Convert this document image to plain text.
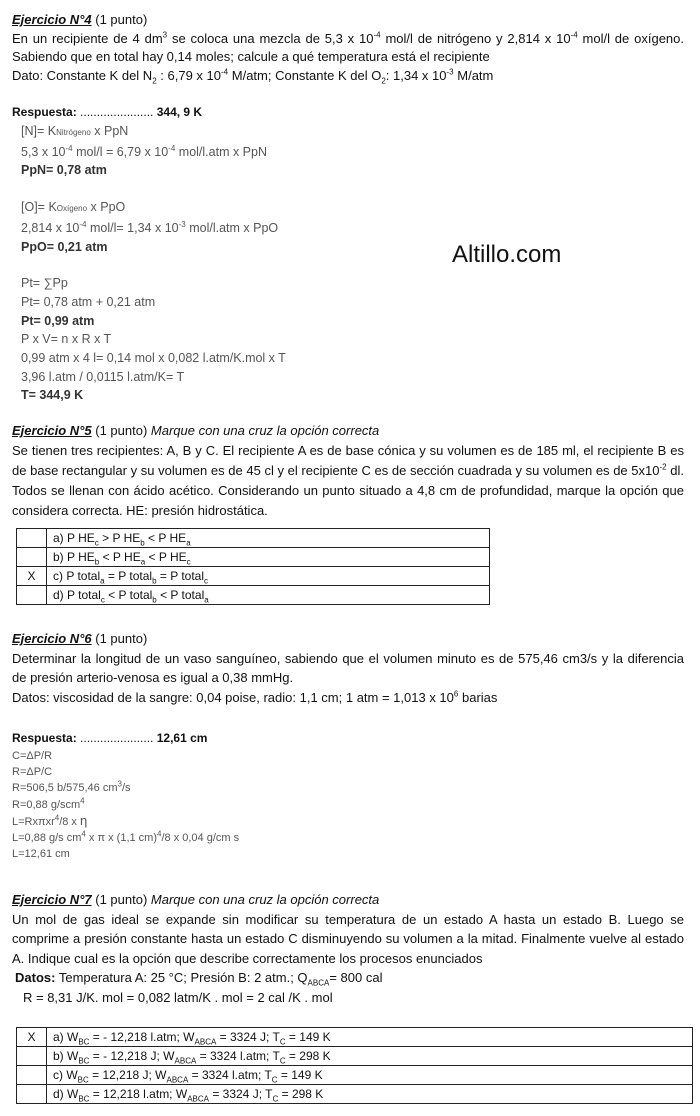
Ejercicio N°4 (1 punto)
En un recipiente de 4 $dm^3$ se coloca una mezcla de 5,3 x $10^{-4}$ mol/l de nitrógeno y 2,814 x $10^{-4}$ mol/l de oxígeno. Sabiendo que en total hay 0,14 moles; calcule a qué temperatura está el recipiente
Dato: Constante K del $N_2$ : 6,79 x $10^{-4}$ M/atm; Constante K del $O_2$: 1,34 x $10^{-3}$ M/atm
Respuesta: ...................... 344, 9 K
[N]= KNitrógeno x PpN
5,3 x $10^{-4}$ mol/l = 6,79 x $10^{-4}$ mol/l.atm x PpN
PpN= 0,78 atm
[O]= KOxígeno x PpO
2,814 x $10^{-4}$ mol/l= 1,34 x $10^{-3}$ mol/l.atm x PpO
PpO= 0,21 atm
Pt= ∑Pp
Pt= 0,78 atm + 0,21 atm
Pt= 0,99 atm
P x V= n x R x T
0,99 atm x 4 l= 0,14 mol x 0,082 l.atm/K.mol x T
3,96 l.atm / 0,0115 l.atm/K= T
T= 344,9 K
Altillo.com
Ejercicio N°5 (1 punto) Marque con una cruz la opción correcta
Se tienen tres recipientes: A, B y C. El recipiente A es de base cónica y su volumen es de 185 ml, el recipiente B es de base rectangular y su volumen es de 45 cl y el recipiente C es de sección cuadrada y su volumen es de $5x10^{-2}$ dl. Todos se llenan con ácido acético. Considerando un punto situado a 4,8 cm de profundidad, marque la opción que considera correcta. HE: presión hidrostática.
	a) P $HE_c > P$ $HE_b < P$ $HE_a$
	b) P $HE_b < P$ $HE_a < P$ $HE_c$
X	c) P total$_a$ = P total$_b$ = P total$_c$
	d) P total$_c$ < P total$_b$ < P total$_a$
Ejercicio N°6 (1 punto)
Determinar la longitud de un vaso sanguíneo, sabiendo que el volumen minuto es de 575,46 cm3/s y la diferencia de presión arterio-venosa es igual a 0,38 mmHg.
Datos: viscosidad de la sangre: 0,04 poise, radio: 1,1 cm; 1 atm = 1,013 x $10^6$ barias
Respuesta: ...................... 12,61 cm
C=ΔP/R
R=ΔP/C
R=506,5 b/575,46 $cm^3/s$
R=0,88 g/scm$^4$
L=Rxπxr$^4$/8 x η
L=0,88 g/s $cm^4$ x π x (1,1 cm)$^4$/8 x 0,04 g/cm s
L=12,61 cm
Ejercicio N°7 (1 punto) Marque con una cruz la opción correcta
Un mol de gas ideal se expande sin modificar su temperatura de un estado A hasta un estado B. Luego se comprime a presión constante hasta un estado C disminuyendo su volumen a la mitad. Finalmente vuelve al estado A. Indique cual es la opción que describe correctamente los procesos enunciados
Datos: Temperatura A: 25 °C; Presión B: 2 atm.; $Q_{ABCA}= 800$ cal
R = 8,31 J/K. mol = 0,082 latm/K . mol = 2 cal /K . mol
X	a) $W_{BC}$ = - 12,218 l.atm; $W_{ABCA} = 3324$ J; $T_C = 149$ K
	b) $W_{BC}$ = - 12,218 J; $W_{ABCA} = 3324$ l.atm; $T_C = 298$ K
	c) $W_{BC} = 12,218$ J; $W_{ABCA} = 3324$ l.atm; $T_C = 149$ K
	d) $W_{BC} = 12,218$ l.atm; $W_{ABCA} = 3324$ J; $T_C = 298$ K
